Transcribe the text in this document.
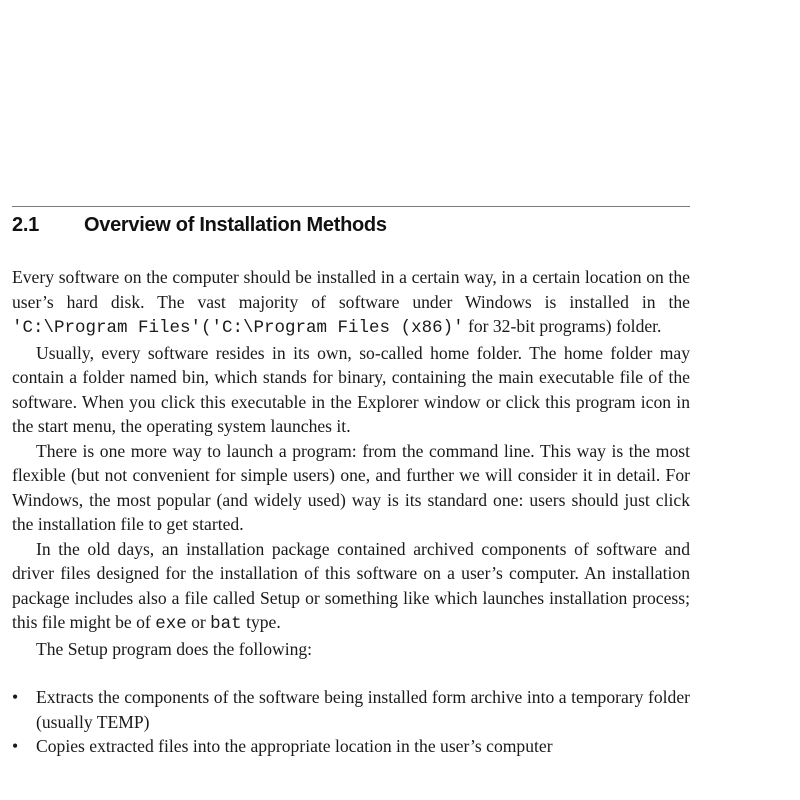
2.1 Overview of Installation Methods

Every software on the computer should be installed in a certain way, in a certain location on the user’s hard disk. The vast majority of software under Windows is installed in the 'C:\Program Files'('C:\Program Files (x86)' for 32-bit programs) folder.

Usually, every software resides in its own, so-called home folder. The home folder may contain a folder named bin, which stands for binary, containing the main executable file of the software. When you click this executable in the Explorer window or click this program icon in the start menu, the operating system launches it.

There is one more way to launch a program: from the command line. This way is the most flexible (but not convenient for simple users) one, and further we will consider it in detail. For Windows, the most popular (and widely used) way is its standard one: users should just click the installation file to get started.

In the old days, an installation package contained archived components of software and driver files designed for the installation of this software on a user’s computer. An installation package includes also a file called Setup or something like which launches installation process; this file might be of exe or bat type.

The Setup program does the following:

• Extracts the components of the software being installed form archive into a temporary folder (usually TEMP)
• Copies extracted files into the appropriate location in the user’s computer
